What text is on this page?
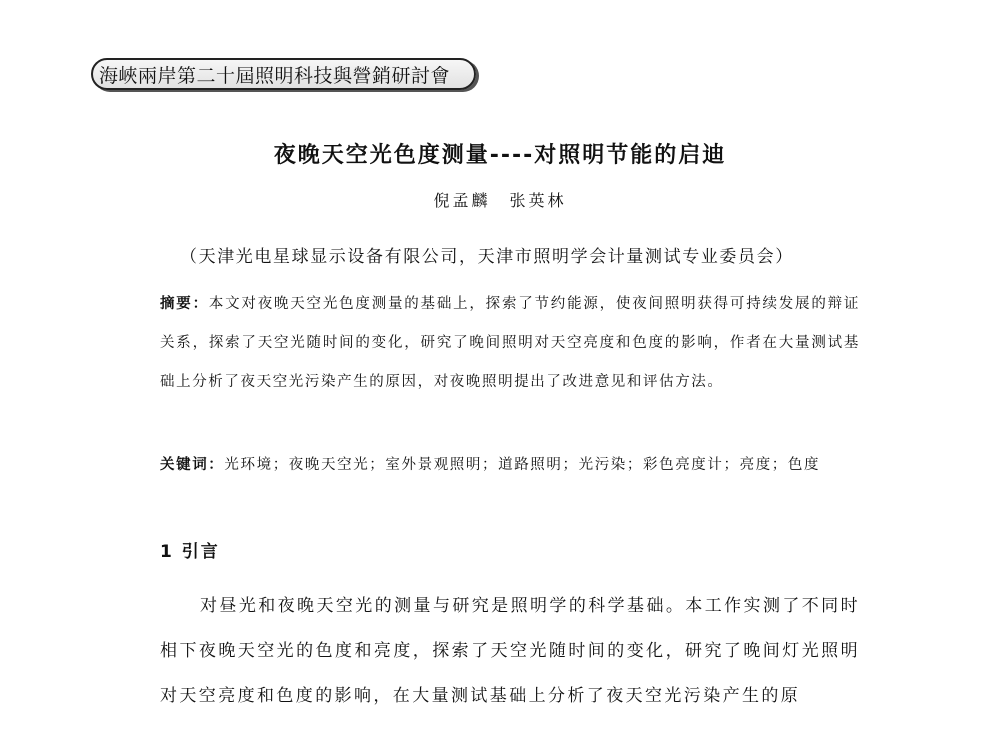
海峽兩岸第二十屆照明科技與營銷研討會
夜晚天空光色度测量----对照明节能的启迪
倪孟麟　张英林
（天津光电星球显示设备有限公司，天津市照明学会计量测试专业委员会）
摘要：本文对夜晚天空光色度测量的基础上，探索了节约能源，使夜间照明获得可持续发展的辩证关系，探索了天空光随时间的变化，研究了晚间照明对天空亮度和色度的影响，作者在大量测试基础上分析了夜天空光污染产生的原因，对夜晚照明提出了改进意见和评估方法。
关键词：光环境；夜晚天空光；室外景观照明；道路照明；光污染；彩色亮度计；亮度；色度
1 引言
对昼光和夜晚天空光的测量与研究是照明学的科学基础。本工作实测了不同时相下夜晚天空光的色度和亮度，探索了天空光随时间的变化，研究了晚间灯光照明对天空亮度和色度的影响，在大量测试基础上分析了夜天空光污染产生的原
